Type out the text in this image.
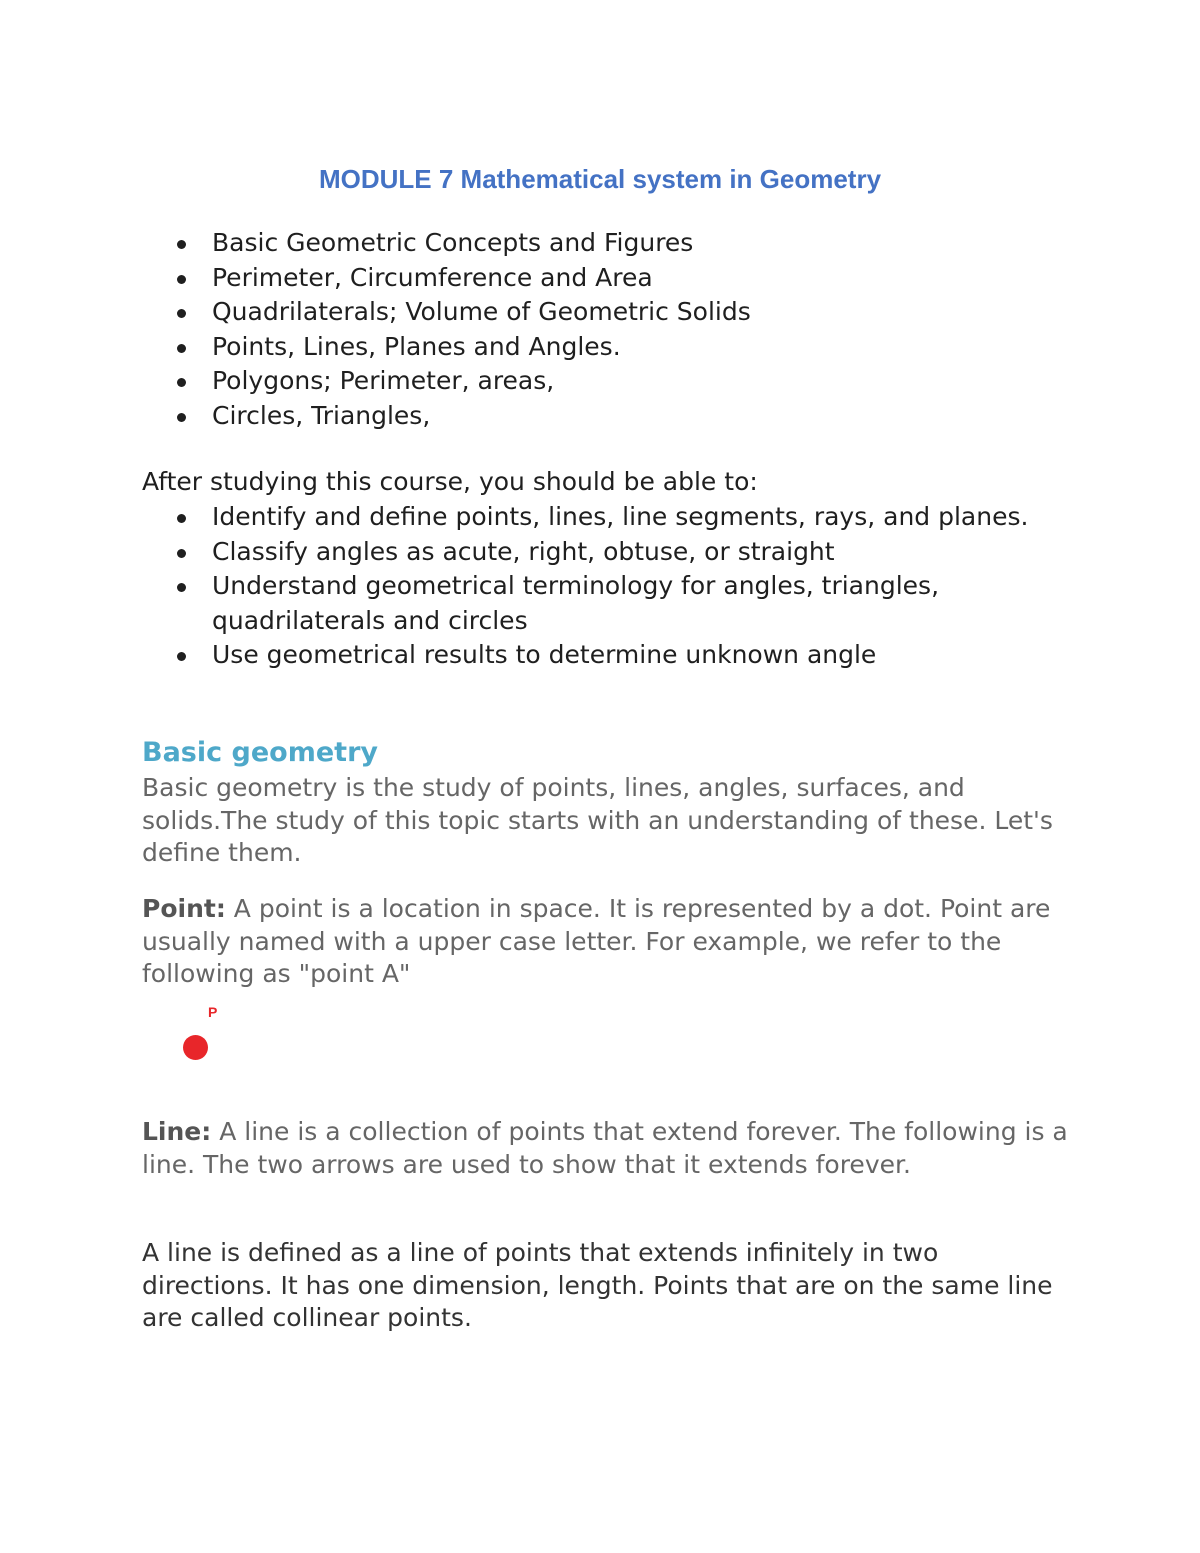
MODULE 7 Mathematical system in Geometry
Basic Geometric Concepts and Figures
Perimeter, Circumference and Area
Quadrilaterals; Volume of Geometric Solids
Points, Lines, Planes and Angles.
Polygons; Perimeter, areas,
Circles, Triangles,
After studying this course, you should be able to:
Identify and define points, lines, line segments, rays, and planes.
Classify angles as acute, right, obtuse, or straight
Understand geometrical terminology for angles, triangles, quadrilaterals and circles
Use geometrical results to determine unknown angle
Basic geometry
Basic geometry is the study of points, lines, angles, surfaces, and solids.The study of this topic starts with an understanding of these. Let's define them.
Point: A point is a location in space. It is represented by a dot. Point are usually named with a upper case letter. For example, we refer to the following as "point A"
P
Line: A line is a collection of points that extend forever. The following is a line. The two arrows are used to show that it extends forever.
A line is defined as a line of points that extends infinitely in two directions. It has one dimension, length. Points that are on the same line are called collinear points.
